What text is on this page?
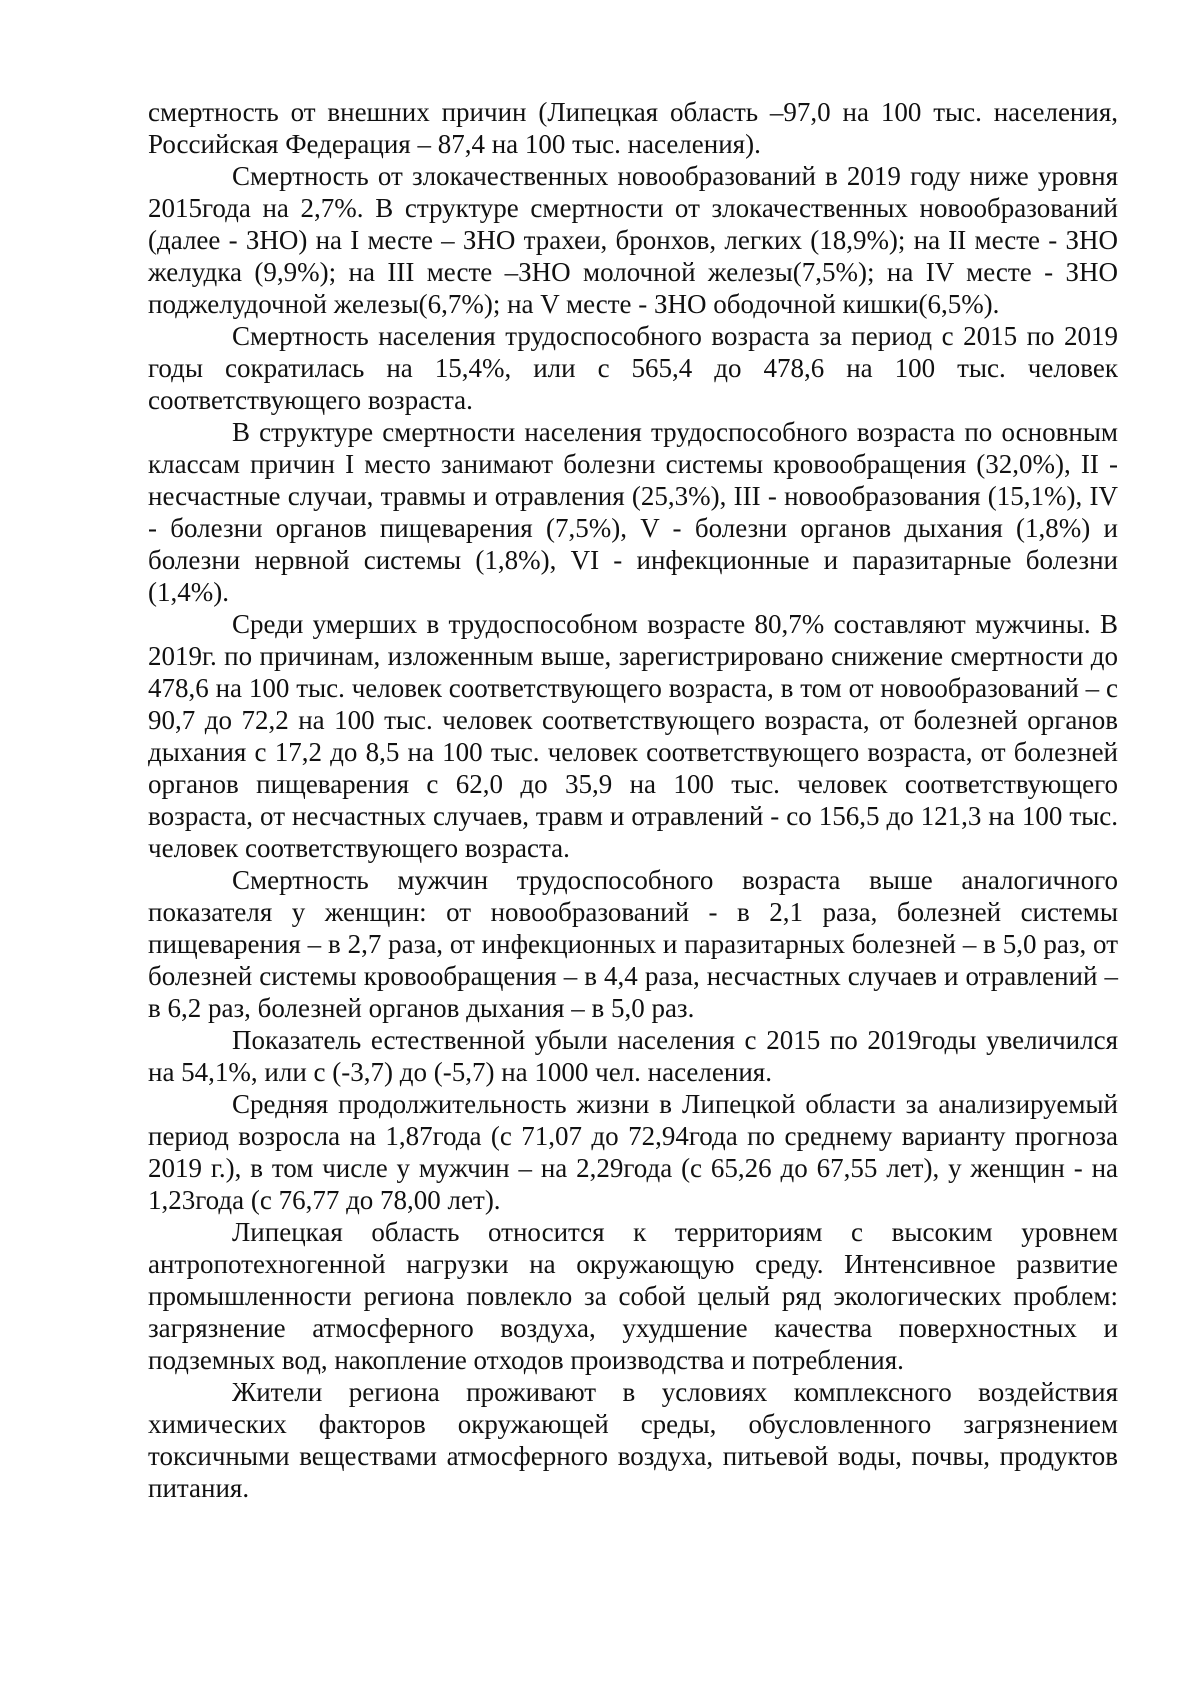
смертность от внешних причин (Липецкая область –97,0 на 100 тыс. населения, Российская Федерация – 87,4 на 100 тыс. населения).

Смертность от злокачественных новообразований в 2019 году ниже уровня 2015года на 2,7%. В структуре смертности от злокачественных новообразований (далее - ЗНО) на I месте – ЗНО трахеи, бронхов, легких (18,9%); на II месте - ЗНО желудка (9,9%); на III месте –ЗНО молочной железы(7,5%); на IV месте - ЗНО поджелудочной железы(6,7%); на V месте - ЗНО ободочной кишки(6,5%).

Смертность населения трудоспособного возраста за период с 2015 по 2019 годы сократилась на 15,4%, или с 565,4 до 478,6 на 100 тыс. человек соответствующего возраста.

В структуре смертности населения трудоспособного возраста по основным классам причин I место занимают болезни системы кровообращения (32,0%), II - несчастные случаи, травмы и отравления (25,3%), III - новообразования (15,1%), IV - болезни органов пищеварения (7,5%), V - болезни органов дыхания (1,8%) и болезни нервной системы (1,8%), VI - инфекционные и паразитарные болезни (1,4%).

Среди умерших в трудоспособном возрасте 80,7% составляют мужчины. В 2019г. по причинам, изложенным выше, зарегистрировано снижение смертности до 478,6 на 100 тыс. человек соответствующего возраста, в том от новообразований – с 90,7 до 72,2 на 100 тыс. человек соответствующего возраста, от болезней органов дыхания с 17,2 до 8,5 на 100 тыс. человек соответствующего возраста, от болезней органов пищеварения с 62,0 до 35,9 на 100 тыс. человек соответствующего возраста, от несчастных случаев, травм и отравлений - со 156,5 до 121,3 на 100 тыс. человек соответствующего возраста.

Смертность мужчин трудоспособного возраста выше аналогичного показателя у женщин: от новообразований - в 2,1 раза, болезней системы пищеварения – в 2,7 раза, от инфекционных и паразитарных болезней – в 5,0 раз, от болезней системы кровообращения – в 4,4 раза, несчастных случаев и отравлений – в 6,2 раз, болезней органов дыхания – в 5,0 раз.

Показатель естественной убыли населения с 2015 по 2019годы увеличился на 54,1%, или с (-3,7) до (-5,7) на 1000 чел. населения.

Средняя продолжительность жизни в Липецкой области за анализируемый период возросла на 1,87года (с 71,07 до 72,94года по среднему варианту прогноза 2019 г.), в том числе у мужчин – на 2,29года (с 65,26 до 67,55 лет), у женщин - на 1,23года (с 76,77 до 78,00 лет).

Липецкая область относится к территориям с высоким уровнем антропотехногенной нагрузки на окружающую среду. Интенсивное развитие промышленности региона повлекло за собой целый ряд экологических проблем: загрязнение атмосферного воздуха, ухудшение качества поверхностных и подземных вод, накопление отходов производства и потребления.

Жители региона проживают в условиях комплексного воздействия химических факторов окружающей среды, обусловленного загрязнением токсичными веществами атмосферного воздуха, питьевой воды, почвы, продуктов питания.
